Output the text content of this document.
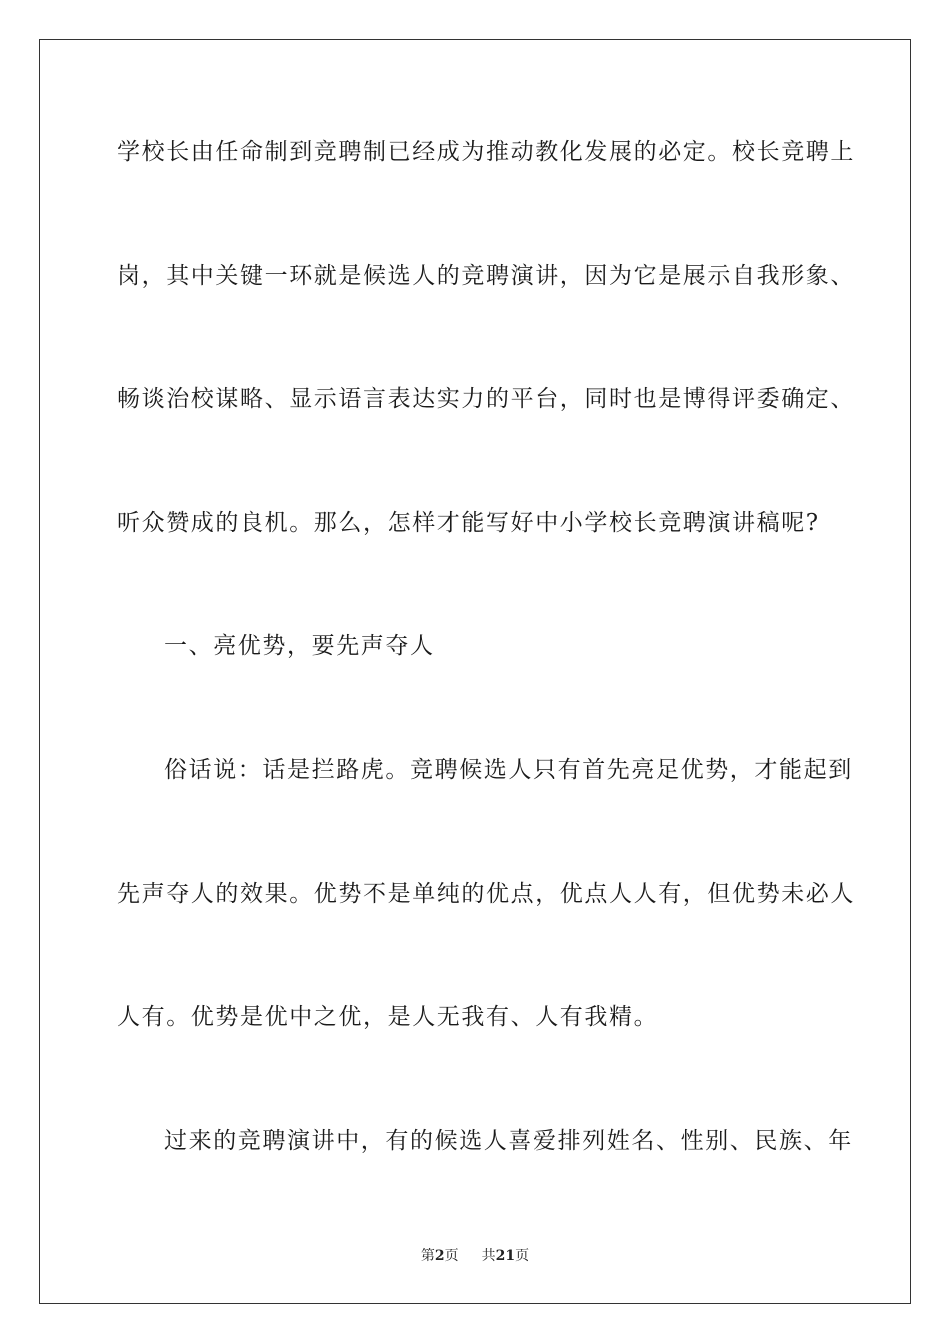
学校长由任命制到竞聘制已经成为推动教化发展的必定。校长竞聘上
岗，其中关键一环就是候选人的竞聘演讲，因为它是展示自我形象、
畅谈治校谋略、显示语言表达实力的平台，同时也是博得评委确定、
听众赞成的良机。那么，怎样才能写好中小学校长竞聘演讲稿呢?
一、亮优势，要先声夺人
俗话说：话是拦路虎。竞聘候选人只有首先亮足优势，才能起到
先声夺人的效果。优势不是单纯的优点，优点人人有，但优势未必人
人有。优势是优中之优，是人无我有、人有我精。
过来的竞聘演讲中，有的候选人喜爱排列姓名、性别、民族、年
第2页 共21页
